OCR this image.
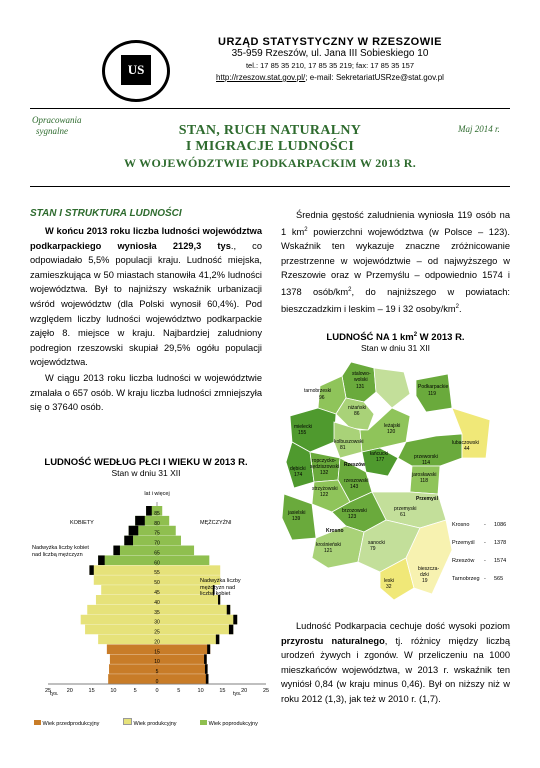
US
URZĄD STATYSTYCZNY W RZESZOWIE
35-959 Rzeszów, ul. Jana III Sobieskiego 10
tel.: 17 85 35 210, 17 85 35 219; fax: 17 85 35 157
http://rzeszow.stat.gov.pl/; e-mail: SekretariatUSRze@stat.gov.pl
Opracowania
sygnalne	Maj 2014 r.
STAN, RUCH NATURALNY
I MIGRACJE LUDNOŚCI
W WOJEWÓDZTWIE PODKARPACKIM W 2013 R.
STAN I STRUKTURA LUDNOŚCI

W końcu 2013 roku liczba ludności województwa podkarpackiego wyniosła 2129,3 tys., co odpowiadało 5,5% populacji kraju. Ludność miejska, zamieszkująca w 50 miastach stanowiła 41,2% ludności województwa. Był to najniższy wskaźnik urbanizacji wśród województw (dla Polski wynosił 60,4%). Pod względem liczby ludności województwo podkarpackie zajęło 8. miejsce w kraju. Najbardziej zaludniony podregion rzeszowski skupiał 29,5% ogółu populacji województwa.

W ciągu 2013 roku liczba ludności w województwie zmalała o 657 osób. W kraju liczba ludności zmniejszyła się o 37640 osób.

LUDNOŚĆ WEDŁUG PŁCI I WIEKU W 2013 R.
Stan w dniu 31 XII
0
5
10
15
20
25
30
35
40
45
50
55
60
65
70
75
80
85
25	20	15	10	5	0	5	10	15	20	25
lat i więcej
KOBIETY	MĘŻCZYŹNI
tys.	tys.
Nadwyżka liczby kobiet nad liczbą mężczyzn
Nadwyżka liczby mężczyzn nad liczbą kobiet
Wiek przedprodukcyjny	Wiek produkcyjny	Wiek poprodukcyjny

Średnia gęstość zaludnienia wyniosła 119 osób na 1 $km^2$ powierzchni województwa (w Polsce – 123). Wskaźnik ten wykazuje znaczne zróżnicowanie przestrzenne w województwie – od najwyższego w Rzeszowie oraz w Przemyślu – odpowiednio 1574 i 1378 osób/$km^2$, do najniższego w powiatach: bieszczadzkim i leskim – 19 i 32 osoby/$km^2$.

LUDNOŚĆ NA 1 $km^2$ W 2013 R.
Stan w dniu 31 XII
tarnobrzeski
96
stalowo-
wolski
131
niżański
86
mielecki
155
kolbuszowski
81
leżajski
120
Podkarpackie
119
łańcucki
177
ropczycko-
sędziszowski
132
Rzeszów
przeworski
114
jarosławski
118
lubaczowski
44
dębicki
174
strzyżowski
122
rzeszowski
143
Przemyśl
przemyski
61
jasielski
139
krośnieński
121
brzozowski
123
Krosno
sanocki
79
leski
32
bieszcza-
dzki
19
Krosno	- 1086
Przemyśl - 1378
Rzeszów - 1574
Tarnobrzeg - 565

Ludność Podkarpacia cechuje dość wysoki poziom przyrostu naturalnego, tj. różnicy między liczbą urodzeń żywych i zgonów. W przeliczeniu na 1000 mieszkańców województwa, w 2013 r. wskaźnik ten wyniósł 0,84 (w kraju minus 0,46). Był on niższy niż w roku 2012 (1,3), jak też w 2010 r. (1,7).
